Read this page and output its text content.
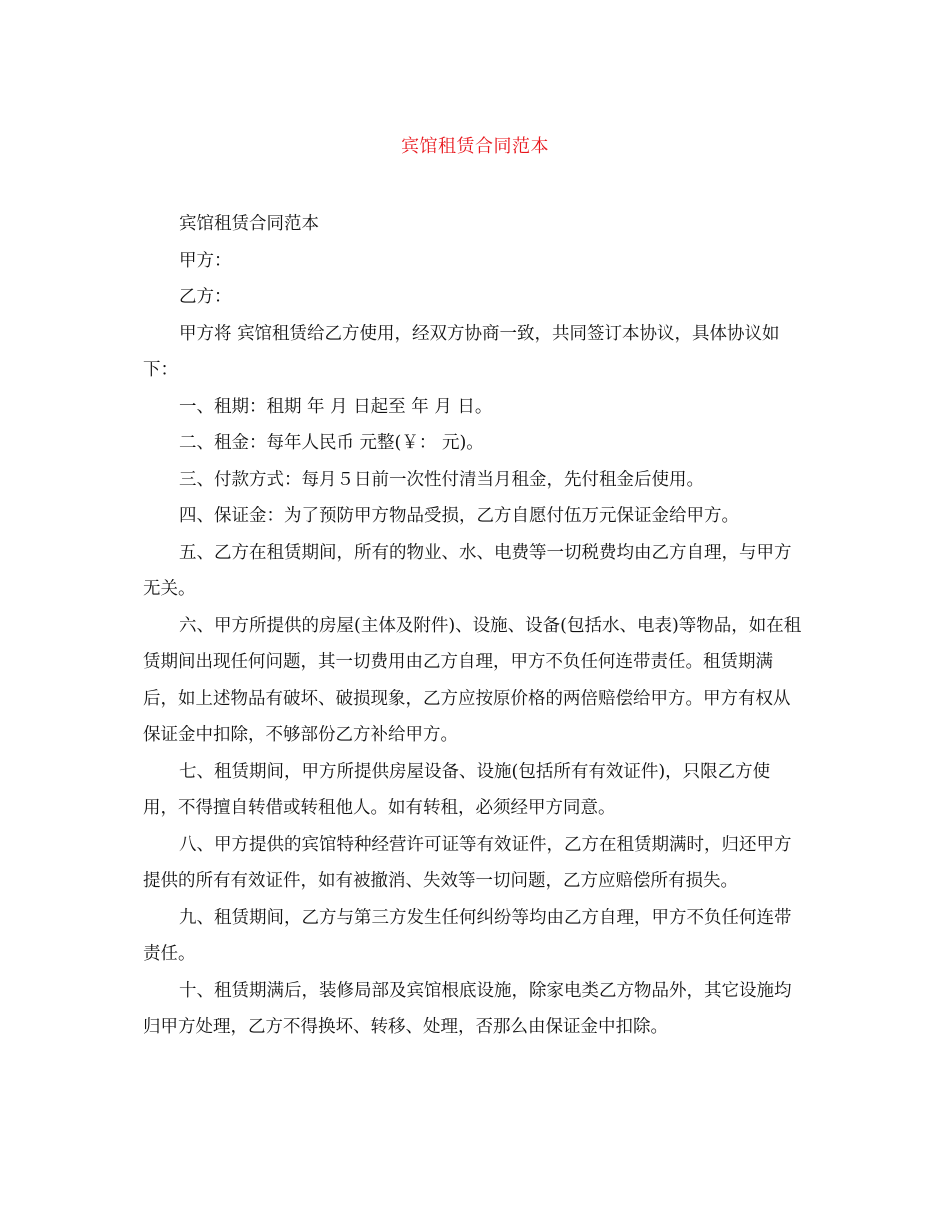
宾馆租赁合同范本

宾馆租赁合同范本

甲方：

乙方：

甲方将 宾馆租赁给乙方使用，经双方协商一致，共同签订本协议，具体协议如下：

一、租期：租期 年 月 日起至 年 月 日。

二、租金：每年人民币 元整(￥： 元)。

三、付款方式：每月５日前一次性付清当月租金，先付租金后使用。

四、保证金：为了预防甲方物品受损，乙方自愿付伍万元保证金给甲方。

五、乙方在租赁期间，所有的物业、水、电费等一切税费均由乙方自理，与甲方无关。

六、甲方所提供的房屋(主体及附件)、设施、设备(包括水、电表)等物品，如在租赁期间出现任何问题，其一切费用由乙方自理，甲方不负任何连带责任。租赁期满后，如上述物品有破坏、破损现象，乙方应按原价格的两倍赔偿给甲方。甲方有权从保证金中扣除，不够部份乙方补给甲方。

七、租赁期间，甲方所提供房屋设备、设施(包括所有有效证件)，只限乙方使用，不得擅自转借或转租他人。如有转租，必须经甲方同意。

八、甲方提供的宾馆特种经营许可证等有效证件，乙方在租赁期满时，归还甲方提供的所有有效证件，如有被撤消、失效等一切问题，乙方应赔偿所有损失。

九、租赁期间，乙方与第三方发生任何纠纷等均由乙方自理，甲方不负任何连带责任。

十、租赁期满后，装修局部及宾馆根底设施，除家电类乙方物品外，其它设施均归甲方处理，乙方不得换坏、转移、处理，否那么由保证金中扣除。
